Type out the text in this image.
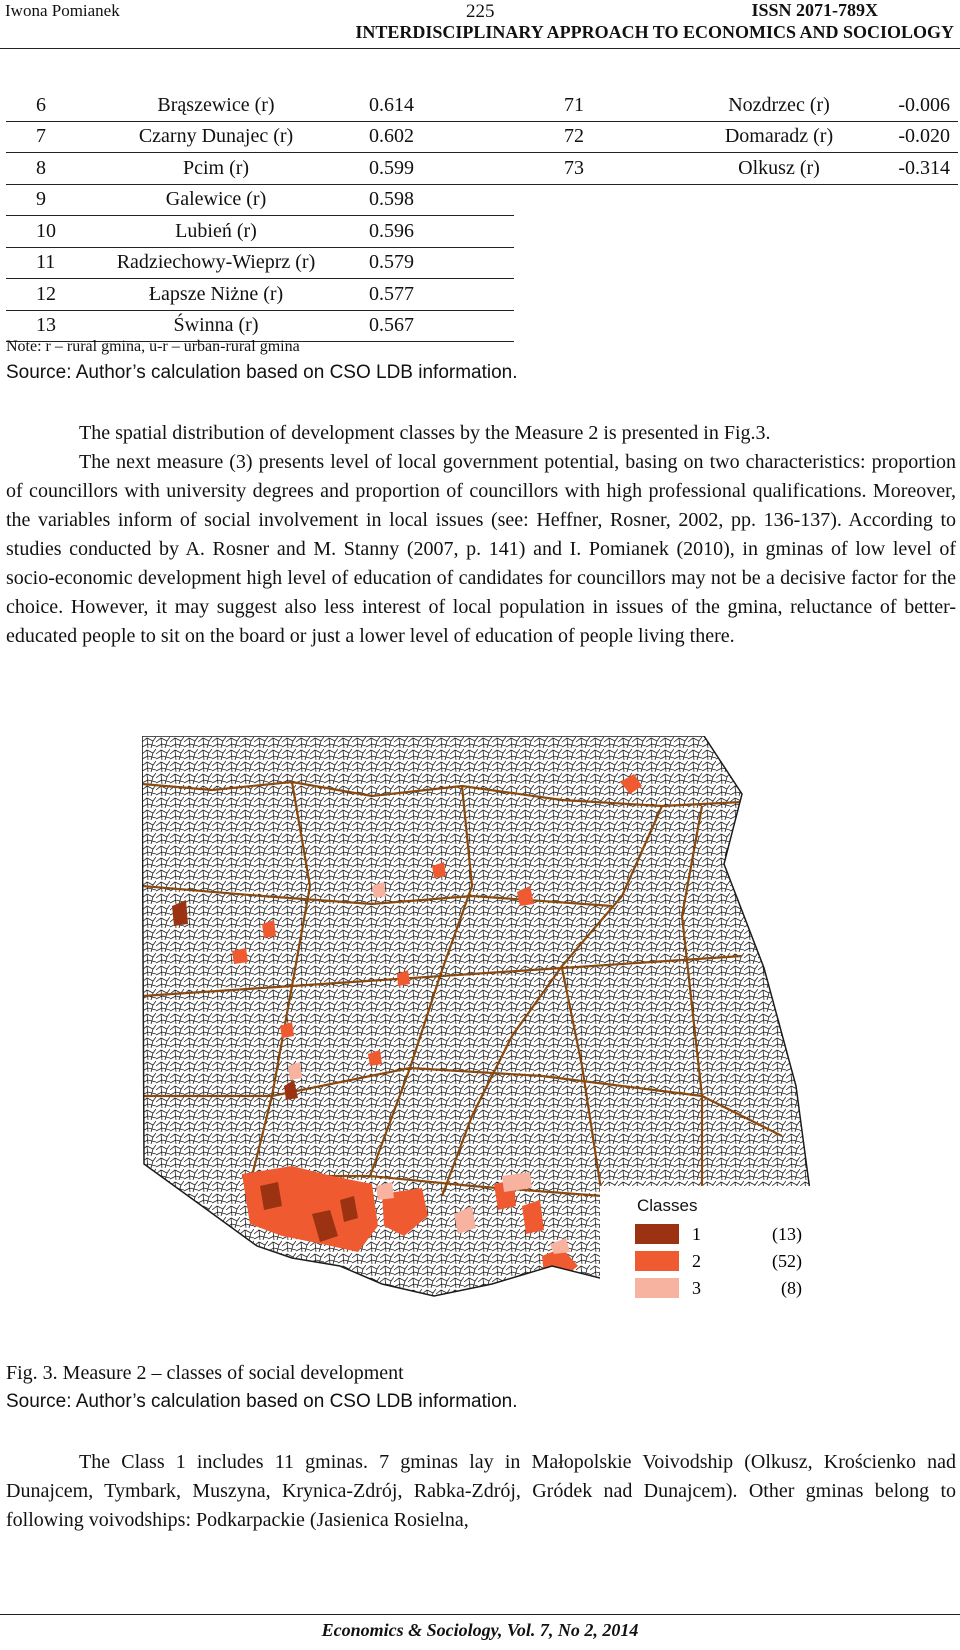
Iwona Pomianek	225	ISSN 2071-789X
INTERDISCIPLINARY APPROACH TO ECONOMICS AND SOCIOLOGY
6	Brąszewice (r)	0.614	71	Nozdrzec (r)	-0.006
7	Czarny Dunajec (r)	0.602	72	Domaradz (r)	-0.020
8	Pcim (r)	0.599	73	Olkusz (r)	-0.314
9	Galewice (r)	0.598			
10	Lubień (r)	0.596			
11	Radziechowy-Wieprz (r)	0.579			
12	Łapsze Niżne (r)	0.577			
13	Świnna (r)	0.567			
Note: r – rural gmina, u-r – urban-rural gmina
Source: Author’s calculation based on CSO LDB information.

The spatial distribution of development classes by the Measure 2 is presented in Fig.3.

The next measure (3) presents level of local government potential, basing on two characteristics: proportion of councillors with university degrees and proportion of councillors with high professional qualifications. Moreover, the variables inform of social involvement in local issues (see: Heffner, Rosner, 2002, pp. 136-137). According to studies conducted by A. Rosner and M. Stanny (2007, p. 141) and I. Pomianek (2010), in gminas of low level of socio-economic development high level of education of candidates for councillors may not be a decisive factor for the choice. However, it may suggest also less interest of local population in issues of the gmina, reluctance of better-educated people to sit on the board or just a lower level of education of people living there.

Classes
1	(13)
2	(52)
3	(8)
Fig. 3. Measure 2 – classes of social development
Source: Author’s calculation based on CSO LDB information.

The Class 1 includes 11 gminas. 7 gminas lay in Małopolskie Voivodship (Olkusz, Krościenko nad Dunajcem, Tymbark, Muszyna, Krynica-Zdrój, Rabka-Zdrój, Gródek nad Dunajcem). Other gminas belong to following voivodships: Podkarpackie (Jasienica Rosielna,

Economics & Sociology, Vol. 7, No 2, 2014
